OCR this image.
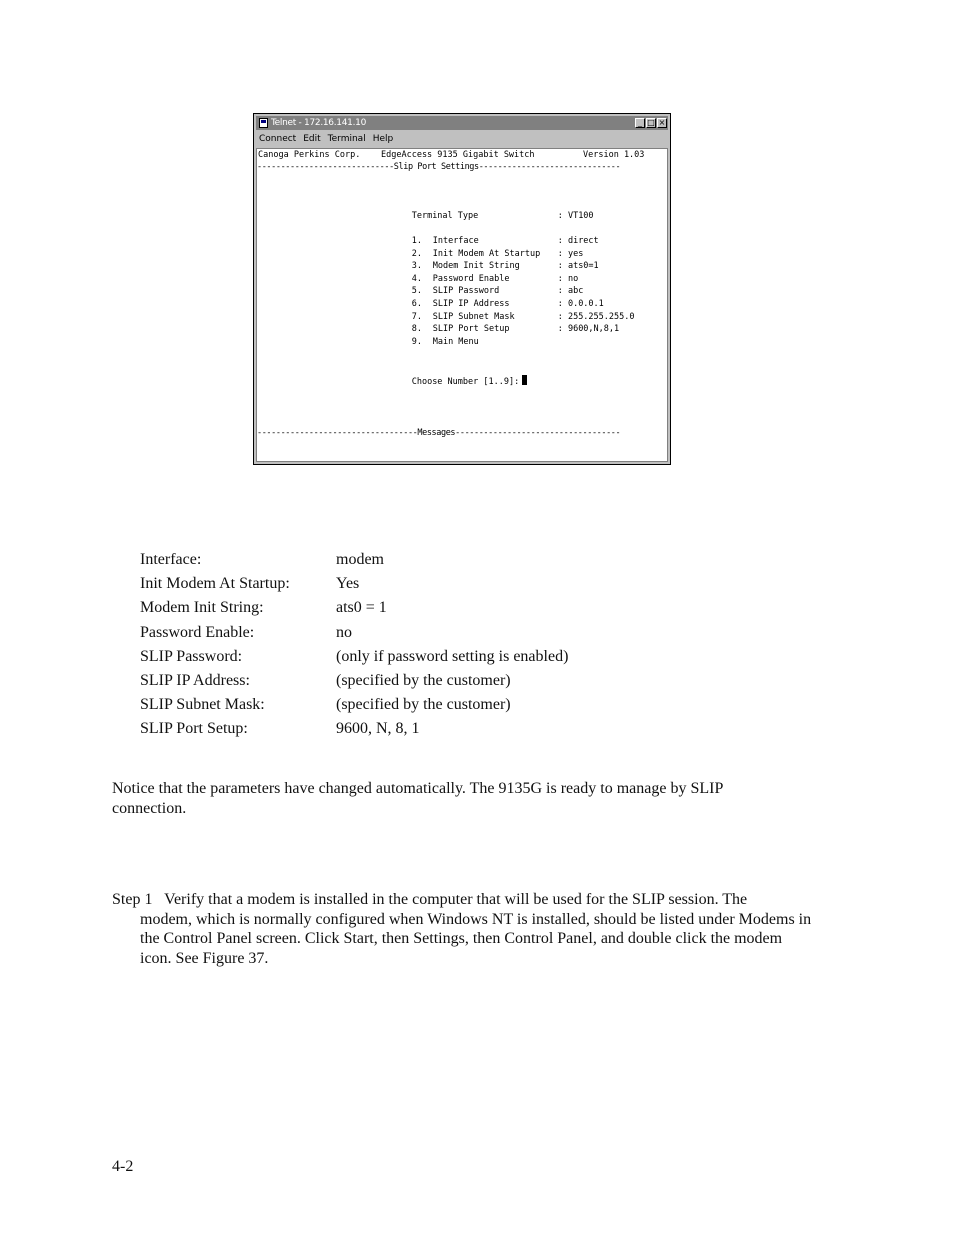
Telnet - 172.16.141.10	_ □ ×
Connect Edit Terminal Help
Canoga Perkins Corp. EdgeAccess 9135 Gigabit Switch	Version 1.03
-----------------------------Slip Port Settings------------------------------

Terminal Type	: VT100

1. Interface	: direct

2. Init Modem At Startup : yes

3. Modem Init String	: ats0=1

4. Password Enable	: no

5. SLIP Password	: abc

6. SLIP IP Address	: 0.0.0.1

7. SLIP Subnet Mask	: 255.255.255.0

8. SLIP Port Setup	: 9600,N,8,1

9. Main Menu

Choose Number [1..9]:

----------------------------------Messages-----------------------------------
Interface:	modem
Init Modem At Startup:	Yes
Modem Init String:	ats0 = 1
Password Enable:	no
SLIP Password:	(only if password setting is enabled)
SLIP IP Address:	(specified by the customer)
SLIP Subnet Mask:	(specified by the customer)
SLIP Port Setup:	9600, N, 8, 1
Notice that the parameters have changed automatically. The 9135G is ready to manage by SLIP connection.
Step 1   Verify that a modem is installed in the computer that will be used for the SLIP session. The
modem, which is normally configured when Windows NT is installed, should be listed under Modems in the Control Panel screen. Click Start, then Settings, then Control Panel, and double click the modem icon. See Figure 37.
4-2
